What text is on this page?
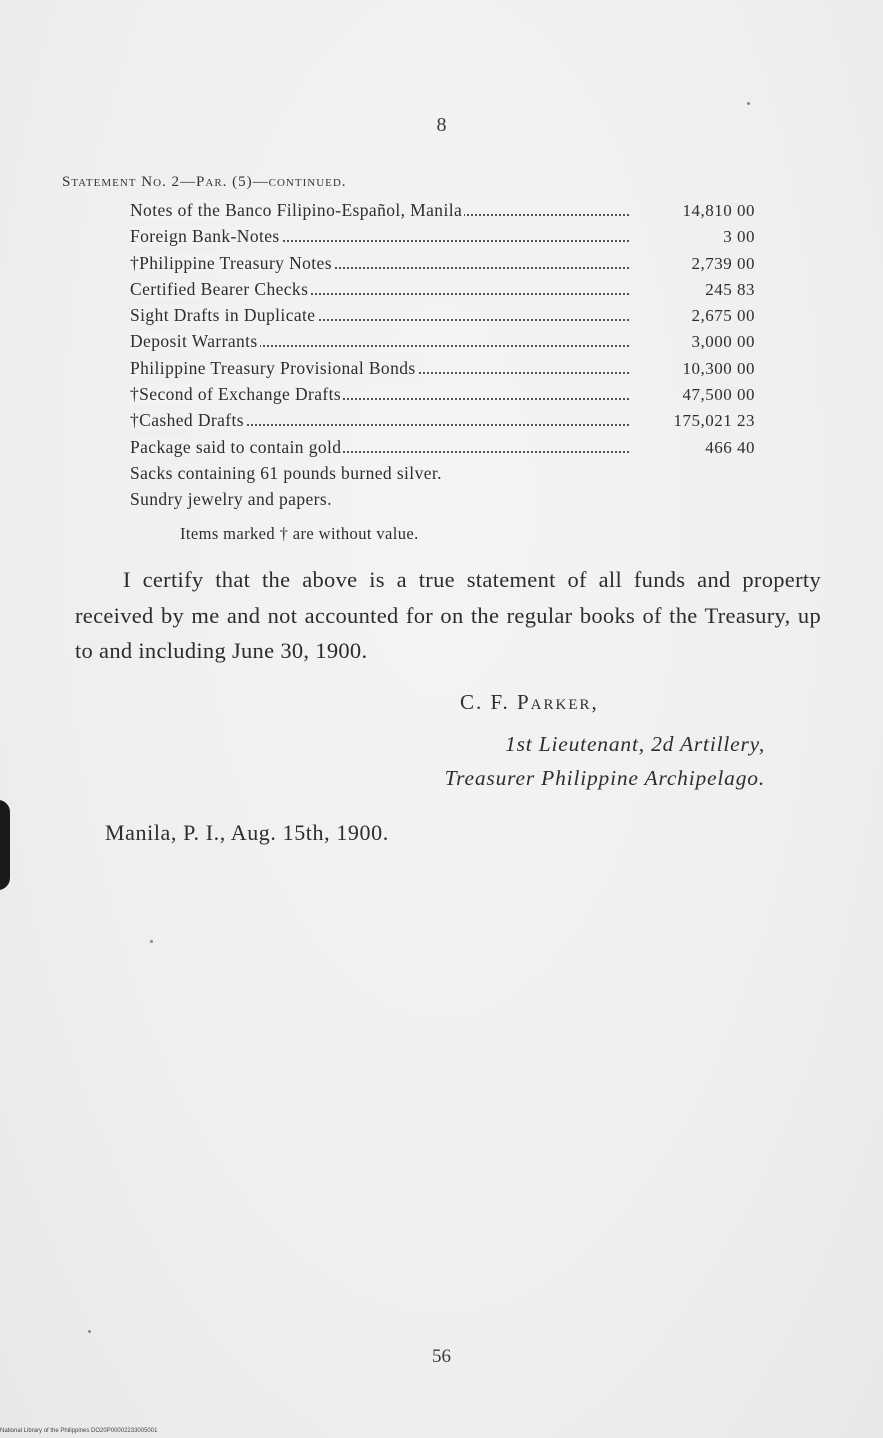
8
Statement No. 2—Par. (5)—continued.
Notes of the Banco Filipino-Español, Manila	14,810 00
Foreign Bank-Notes	3 00
†Philippine Treasury Notes	2,739 00
Certified Bearer Checks	245 83
Sight Drafts in Duplicate	2,675 00
Deposit Warrants	3,000 00
Philippine Treasury Provisional Bonds	10,300 00
†Second of Exchange Drafts	47,500 00
†Cashed Drafts	175,021 23
Package said to contain gold	466 40
Sacks containing 61 pounds burned silver.
Sundry jewelry and papers.
Items marked † are without value.
I certify that the above is a true statement of all funds and property received by me and not accounted for on the regular books of the Treasury, up to and including June 30, 1900.
C. F. Parker,
1st Lieutenant, 2d Artillery,
Treasurer Philippine Archipelago.
Manila, P. I., Aug. 15th, 1900.
56
National Library of the Philippines DO20P00002233005001
